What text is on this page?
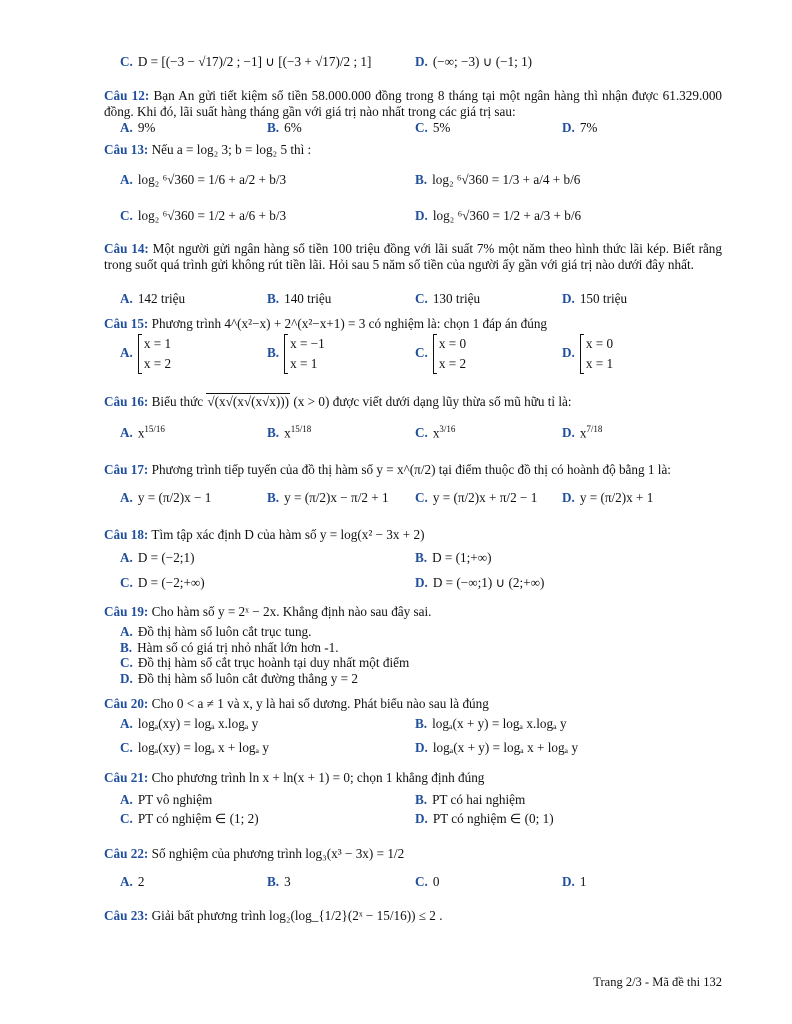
C. D = [(−3 − √17)/2 ; −1] ∪ [(−3 + √17)/2 ; 1]	D. (−∞; −3) ∪ (−1; 1)
Câu 12: Bạn An gửi tiết kiệm số tiền 58.000.000 đồng trong 8 tháng tại một ngân hàng thì nhận được 61.329.000 đồng. Khi đó, lãi suất hàng tháng gần với giá trị nào nhất trong các giá trị sau:
A. 9%	B. 6%	C. 5%	D. 7%
Câu 13: Nếu a = log₂ 3; b = log₂ 5 thì :
A. log₂ ⁶√360 = 1/6 + a/2 + b/3	B. log₂ ⁶√360 = 1/3 + a/4 + b/6
C. log₂ ⁶√360 = 1/2 + a/6 + b/3	D. log₂ ⁶√360 = 1/2 + a/3 + b/6
Câu 14: Một người gửi ngân hàng số tiền 100 triệu đồng với lãi suất 7% một năm theo hình thức lãi kép. Biết rằng trong suốt quá trình gửi không rút tiền lãi. Hỏi sau 5 năm số tiền của người ấy gần với giá trị nào dưới đây nhất.
A. 142 triệu	B. 140 triệu	C. 130 triệu	D. 150 triệu
Câu 15: Phương trình 4^(x²−x) + 2^(x²−x+1) = 3 có nghiệm là: chọn 1 đáp án đúng
A.x = 1
x = 2
B.x = −1
x = 1
C.x = 0
x = 2
D.x = 0
x = 1
Câu 16: Biểu thức √(x√(x√(x√x))) (x > 0) được viết dưới dạng lũy thừa số mũ hữu tỉ là:
A. $x^{15/16}$	B. $x^{15/18}$	C. $x^{3/16}$	D. $x^{7/18}$
Câu 17: Phương trình tiếp tuyến của đồ thị hàm số y = x^(π/2) tại điểm thuộc đồ thị có hoành độ bằng 1 là:
A. y = (π/2)x − 1	B. y = (π/2)x − π/2 + 1 C. y = (π/2)x + π/2 − 1 D. y = (π/2)x + 1
Câu 18: Tìm tập xác định D của hàm số y = log(x² − 3x + 2)
A. D = (−2;1)	B. D = (1;+∞)
C. D = (−2;+∞)	D. D = (−∞;1) ∪ (2;+∞)
Câu 19: Cho hàm số y = 2ˣ − 2x. Khẳng định nào sau đây sai.
A. Đồ thị hàm số luôn cắt trục tung.
B. Hàm số có giá trị nhỏ nhất lớn hơn -1.
C. Đồ thị hàm số cắt trục hoành tại duy nhất một điểm
D. Đồ thị hàm số luôn cắt đường thẳng y = 2
Câu 20: Cho 0 < a ≠ 1 và x, y là hai số dương. Phát biểu nào sau là đúng
A. logₐ(xy) = logₐ x.logₐ y	B. logₐ(x + y) = logₐ x.logₐ y
C. logₐ(xy) = logₐ x + logₐ y	D. logₐ(x + y) = logₐ x + logₐ y
Câu 21: Cho phương trình ln x + ln(x + 1) = 0; chọn 1 khẳng định đúng
A. PT vô nghiệm	B. PT có hai nghiệm
C. PT có nghiệm ∈ (1; 2)	D. PT có nghiệm ∈ (0; 1)
Câu 22: Số nghiệm của phương trình log₃(x³ − 3x) = 1/2
A. 2	B. 3	C. 0	D. 1
Câu 23: Giải bất phương trình log₂(log_{1/2}(2ˣ − 15/16)) ≤ 2 .
Trang 2/3 - Mã đề thi 132
